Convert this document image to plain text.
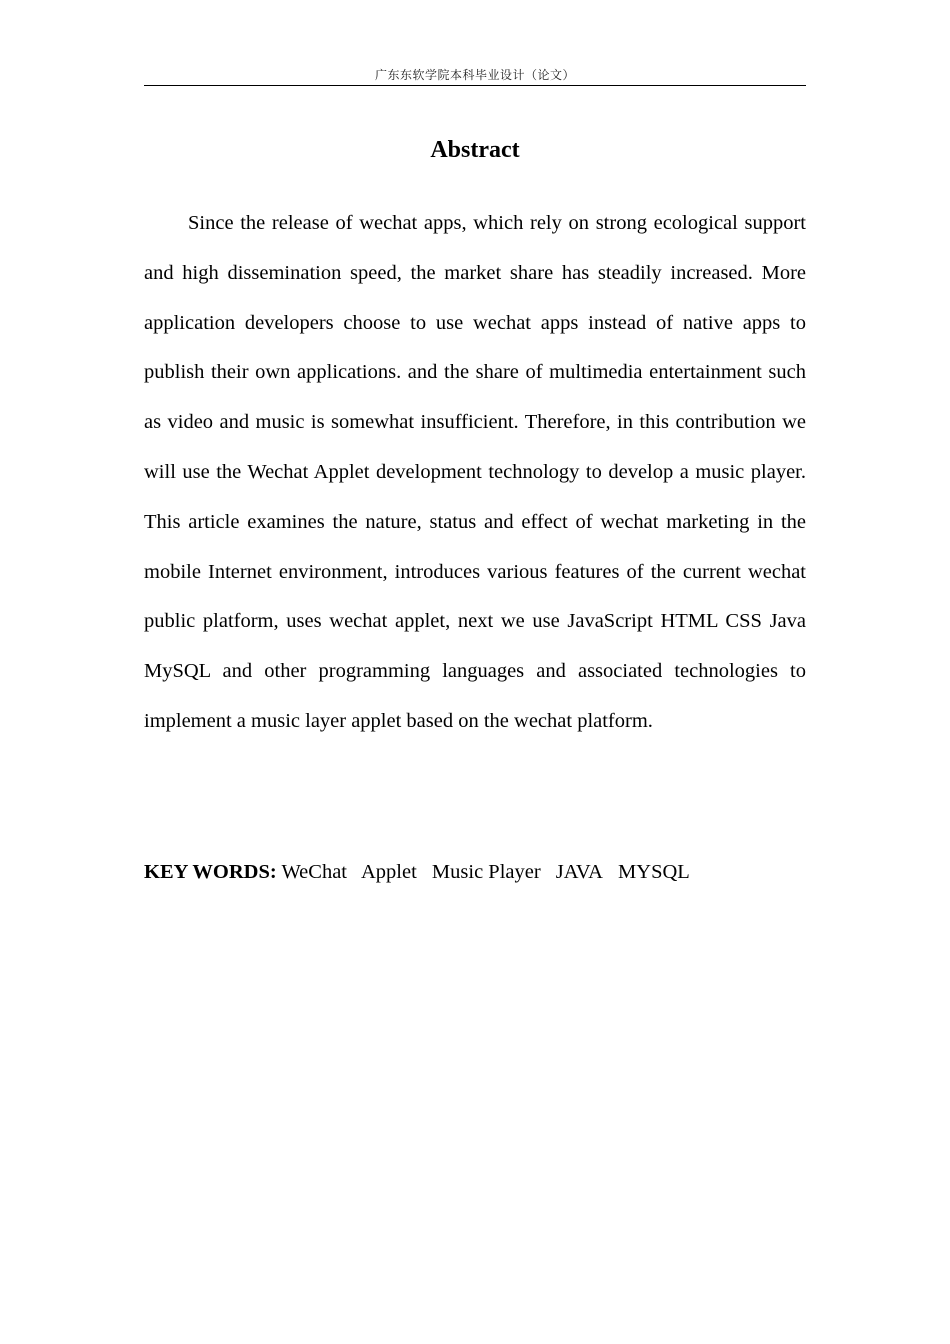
广东东软学院本科毕业设计（论文）
Abstract

Since the release of wechat apps, which rely on strong ecological support and high dissemination speed, the market share has steadily increased. More application developers choose to use wechat apps instead of native apps to publish their own applications. and the share of multimedia entertainment such as video and music is somewhat insufficient. Therefore, in this contribution we will use the Wechat Applet development technology to develop a music player. This article examines the nature, status and effect of wechat marketing in the mobile Internet environment, introduces various features of the current wechat public platform, uses wechat applet, next we use JavaScript HTML CSS Java MySQL and other programming languages and associated technologies to implement a music layer applet based on the wechat platform.

KEY WORDS: WeChat Applet Music Player JAVA MYSQL
